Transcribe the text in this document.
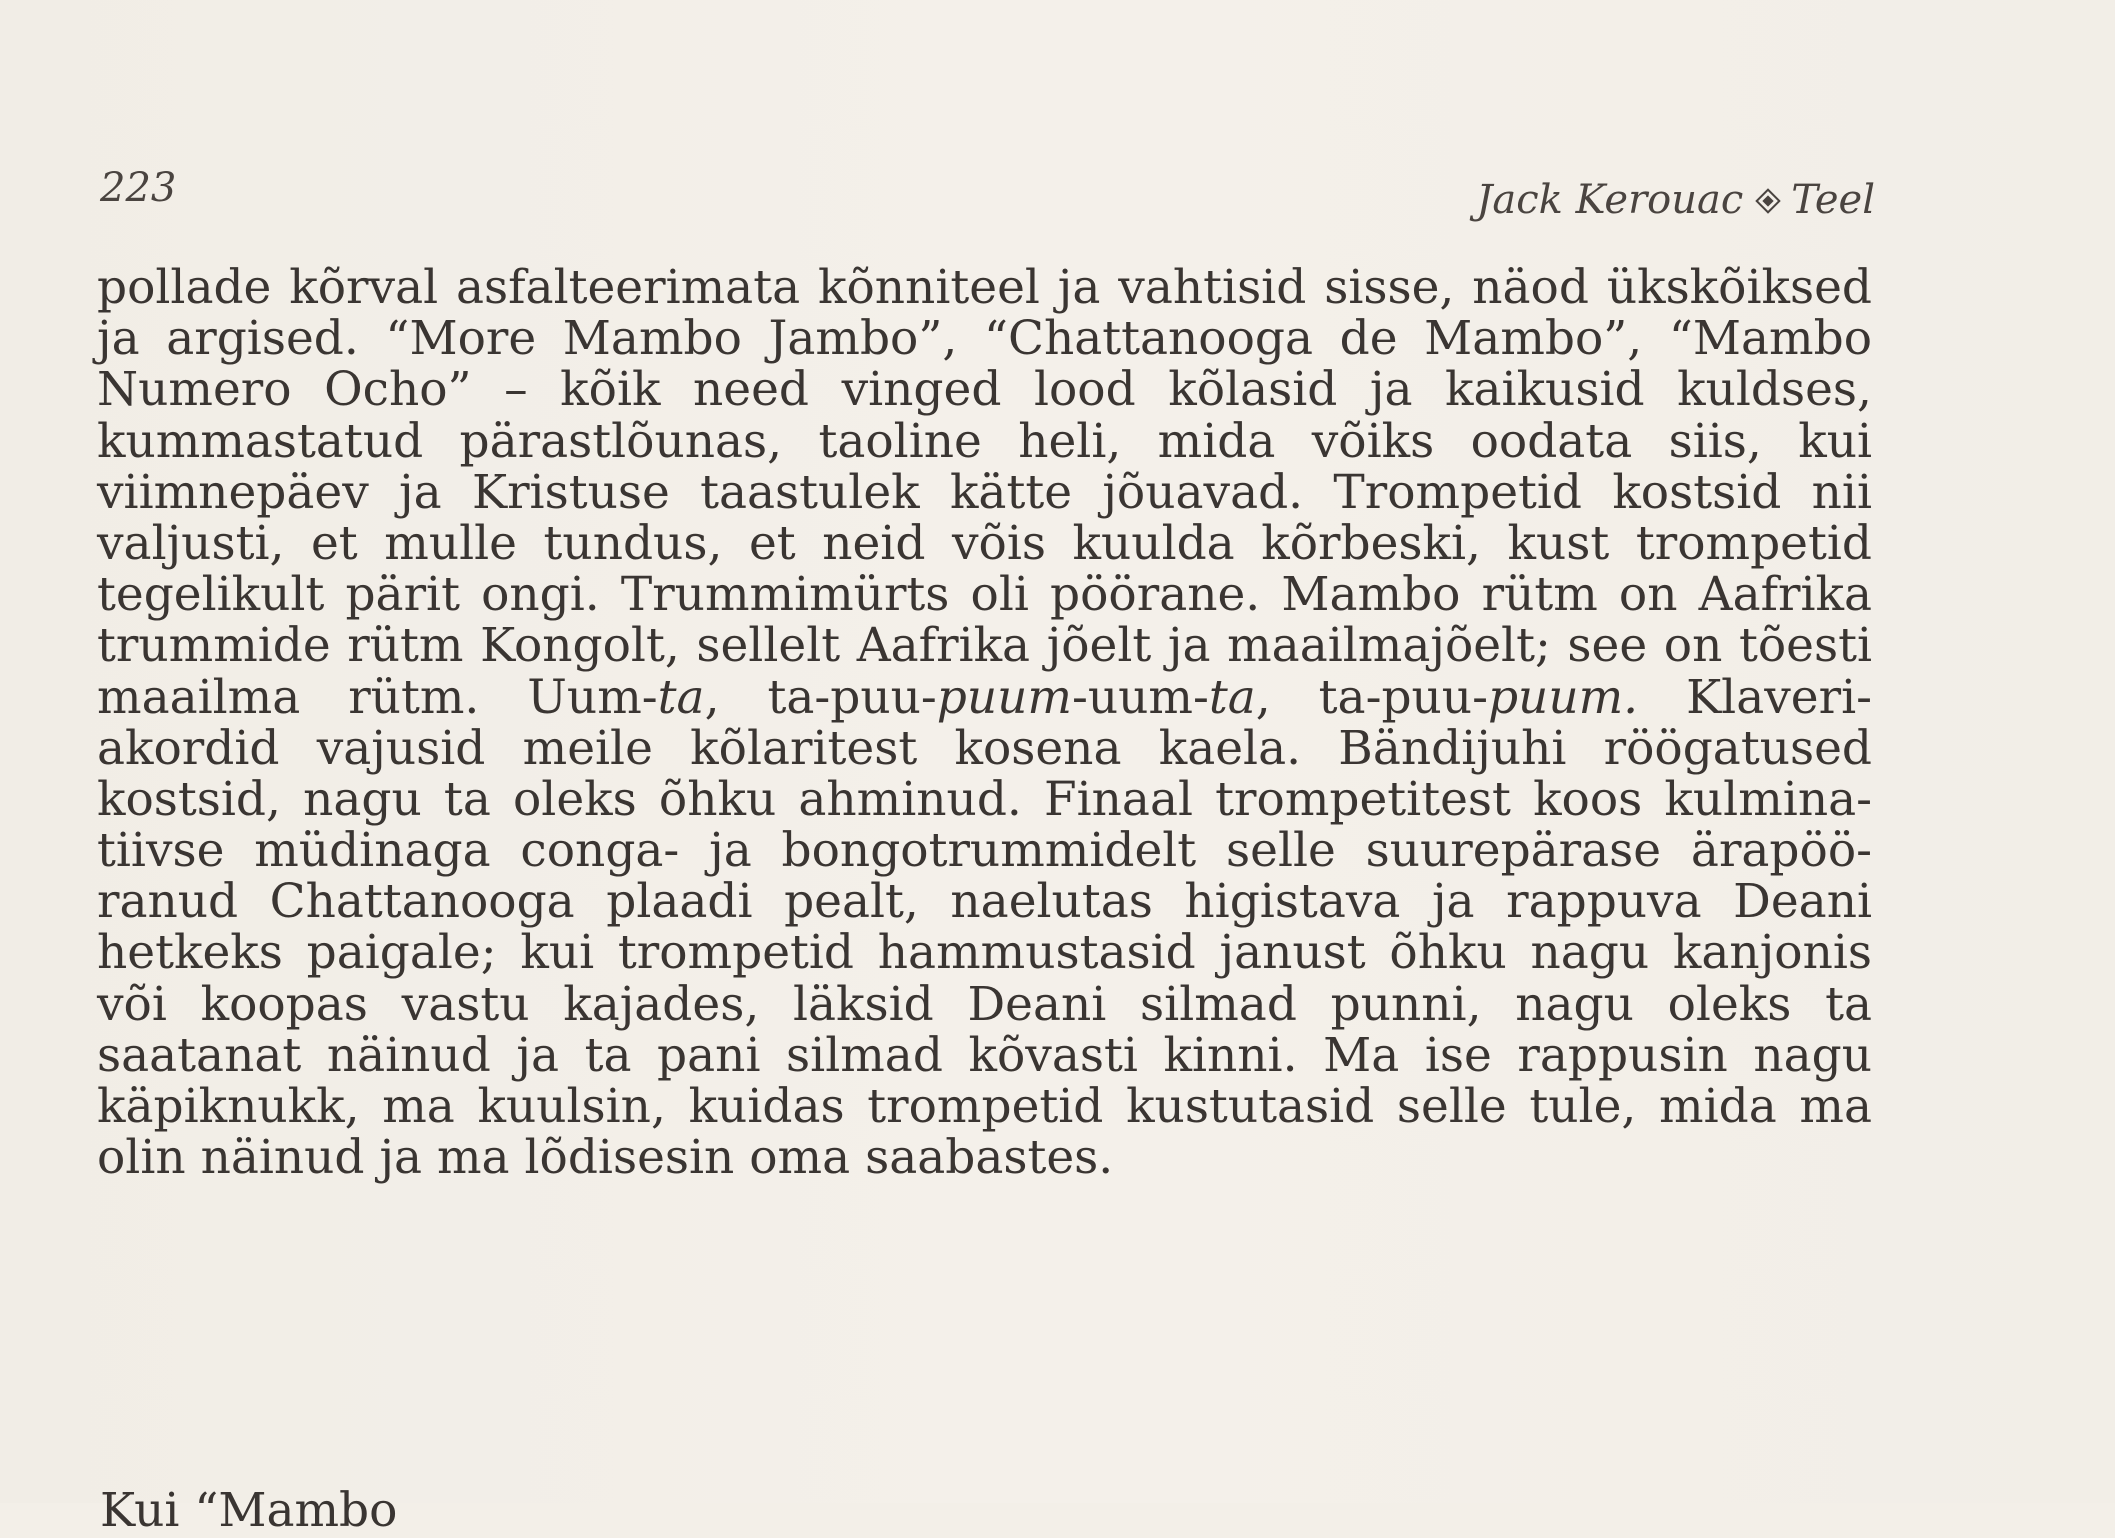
223	Jack Kerouac Teel
pollade kõrval asfalteerimata kõnniteel ja vahtisid sisse, näod ükskõiksed
ja argised. “More Mambo Jambo”, “Chattanooga de Mambo”, “Mambo
Numero Ocho” – kõik need vinged lood kõlasid ja kaikusid kuldses,
kummastatud pärastlõunas, taoline heli, mida võiks oodata siis, kui
viimnepäev ja Kristuse taastulek kätte jõuavad. Trompetid kostsid nii
valjusti, et mulle tundus, et neid võis kuulda kõrbeski, kust trompetid
tegelikult pärit ongi. Trummimürts oli pöörane. Mambo rütm on Aafrika
trummide rütm Kongolt, sellelt Aafrika jõelt ja maailmajõelt; see on tõesti
maailma rütm. Uum-ta, ta-puu-puum-uum-ta, ta-puu-puum. Klaveri-
akordid vajusid meile kõlaritest kosena kaela. Bändijuhi röögatused
kostsid, nagu ta oleks õhku ahminud. Finaal trompetitest koos kulmina-
tiivse müdinaga conga- ja bongotrummidelt selle suurepärase ärapöö-
ranud Chattanooga plaadi pealt, naelutas higistava ja rappuva Deani
hetkeks paigale; kui trompetid hammustasid janust õhku nagu kanjonis
või koopas vastu kajades, läksid Deani silmad punni, nagu oleks ta
saatanat näinud ja ta pani silmad kõvasti kinni. Ma ise rappusin nagu
käpiknukk, ma kuulsin, kuidas trompetid kustutasid selle tule, mida ma
olin näinud ja ma lõdisesin oma saabastes.
Kui “Mambo
